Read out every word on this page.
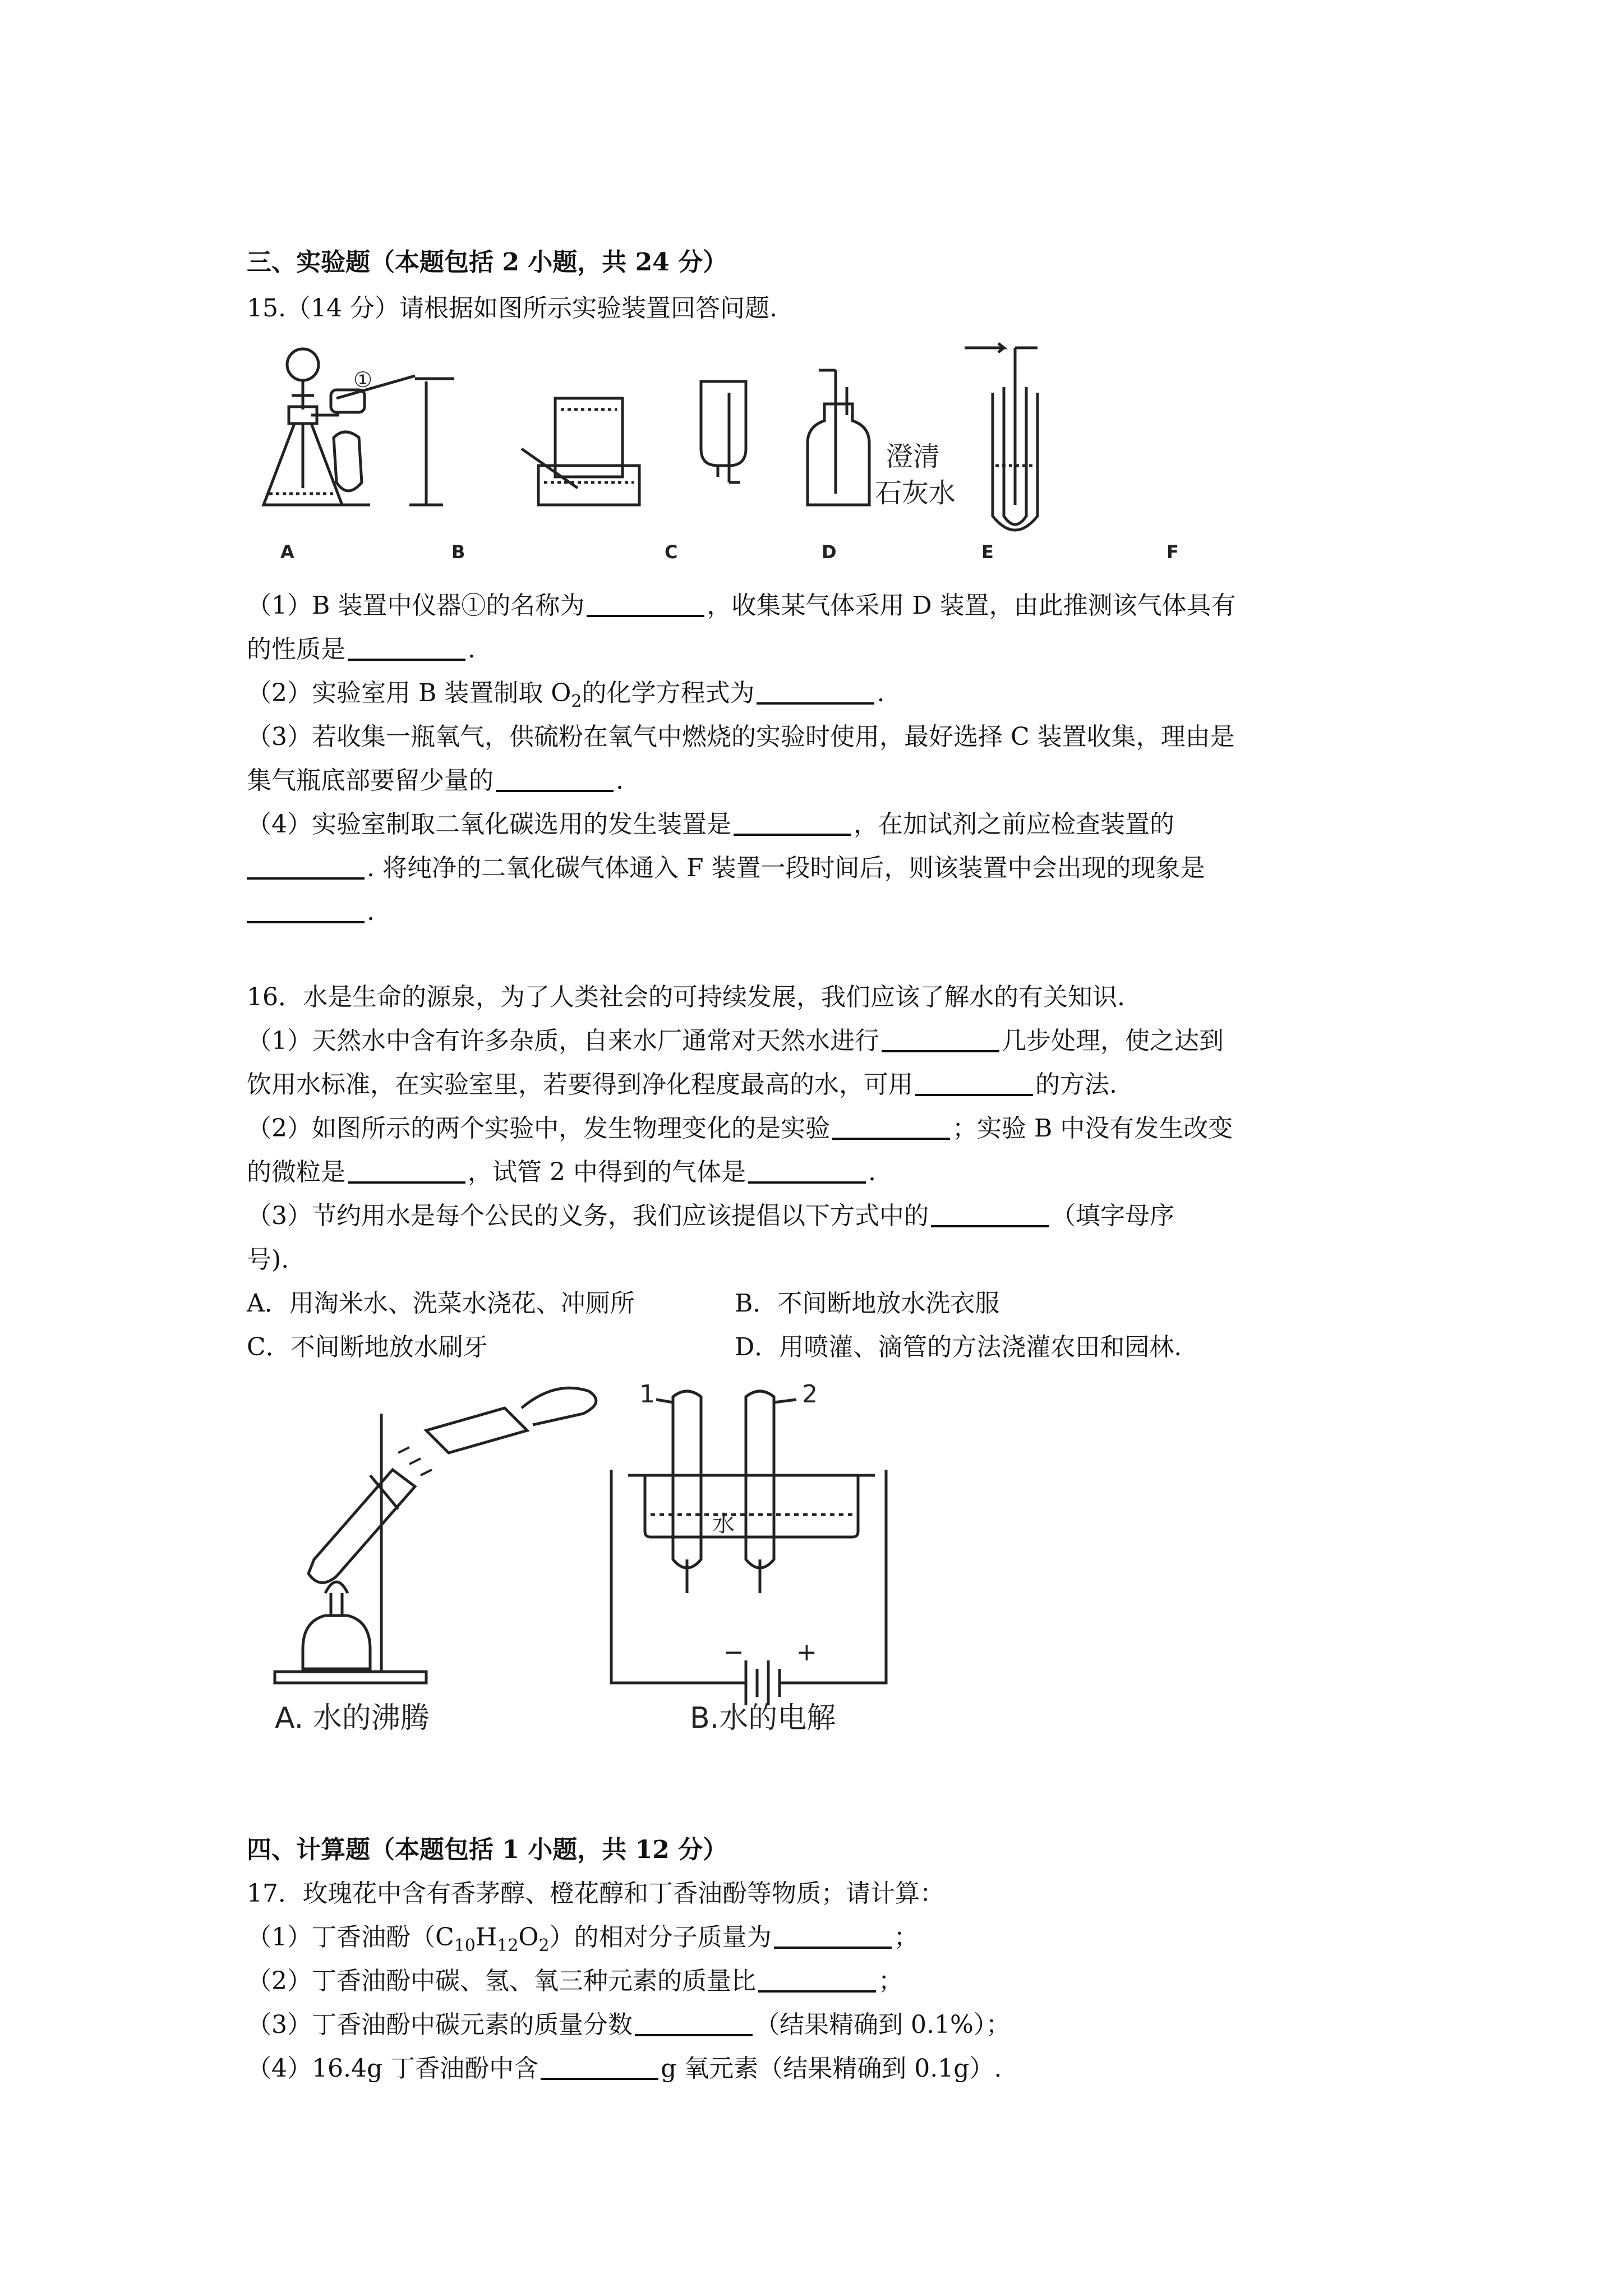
三、实验题（本题包括 2 小题，共 24 分）
15.（14 分）请根据如图所示实验装置回答问题.
①
澄清
石灰水
A	B	C	D	E	F
（1）B 装置中仪器①的名称为	，收集某气体采用 D 装置，由此推测该气体具有
的性质是	.
（2）实验室用 B 装置制取 $O_2$的化学方程式为	.
（3）若收集一瓶氧气，供硫粉在氧气中燃烧的实验时使用，最好选择 C 装置收集，理由是
集气瓶底部要留少量的	.
（4）实验室制取二氧化碳选用的发生装置是	，在加试剂之前应检查装置的
. 将纯净的二氧化碳气体通入 F 装置一段时间后，则该装置中会出现的现象是
.
16．水是生命的源泉，为了人类社会的可持续发展，我们应该了解水的有关知识.
（1）天然水中含有许多杂质，自来水厂通常对天然水进行	几步处理，使之达到
饮用水标准，在实验室里，若要得到净化程度最高的水，可用	的方法.
（2）如图所示的两个实验中，发生物理变化的是实验	；实验 B 中没有发生改变
的微粒是	，试管 2 中得到的气体是	.
（3）节约用水是每个公民的义务，我们应该提倡以下方式中的	（填字母序
号).
A．用淘米水、洗菜水浇花、冲厕所	B．不间断地放水洗衣服
C．不间断地放水刷牙	D．用喷灌、滴管的方法浇灌农田和园林.
1	2
水
− +
A. 水的沸腾	B.水的电解
四、计算题（本题包括 1 小题，共 12 分）
17．玫瑰花中含有香茅醇、橙花醇和丁香油酚等物质；请计算：
（1）丁香油酚$(C_{10}H_{12}O_2)$的相对分子质量为	；
（2）丁香油酚中碳、氢、氧三种元素的质量比	；
（3）丁香油酚中碳元素的质量分数	（结果精确到 0.1%）；
（4）16.4g 丁香油酚中含	g 氧元素（结果精确到 0.1g）.
